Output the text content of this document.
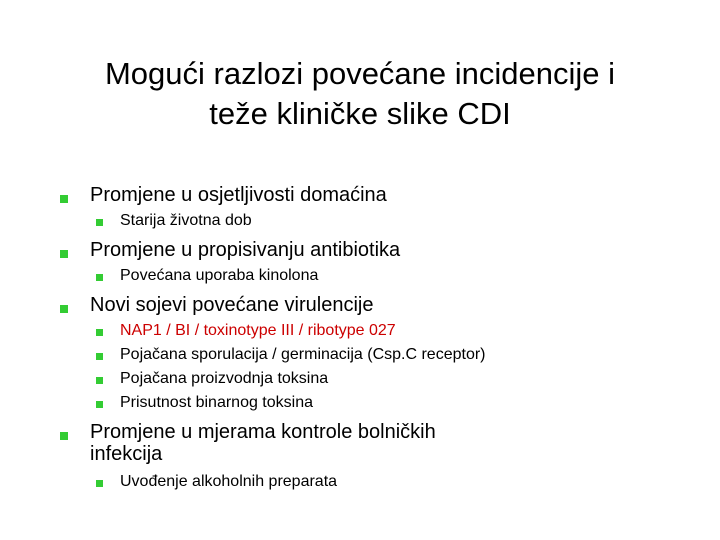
Mogući razlozi povećane incidencije i
teže kliničke slike CDI
Promjene u osjetljivosti domaćina
Starija životna dob
Promjene u propisivanju antibiotika
Povećana uporaba kinolona
Novi sojevi povećane virulencije
NAP1 / BI / toxinotype III / ribotype 027
Pojačana sporulacija / germinacija (Csp.C receptor)
Pojačana proizvodnja toksina
Prisutnost binarnog toksina
Promjene u mjerama kontrole bolničkih
infekcija
Uvođenje alkoholnih preparata
